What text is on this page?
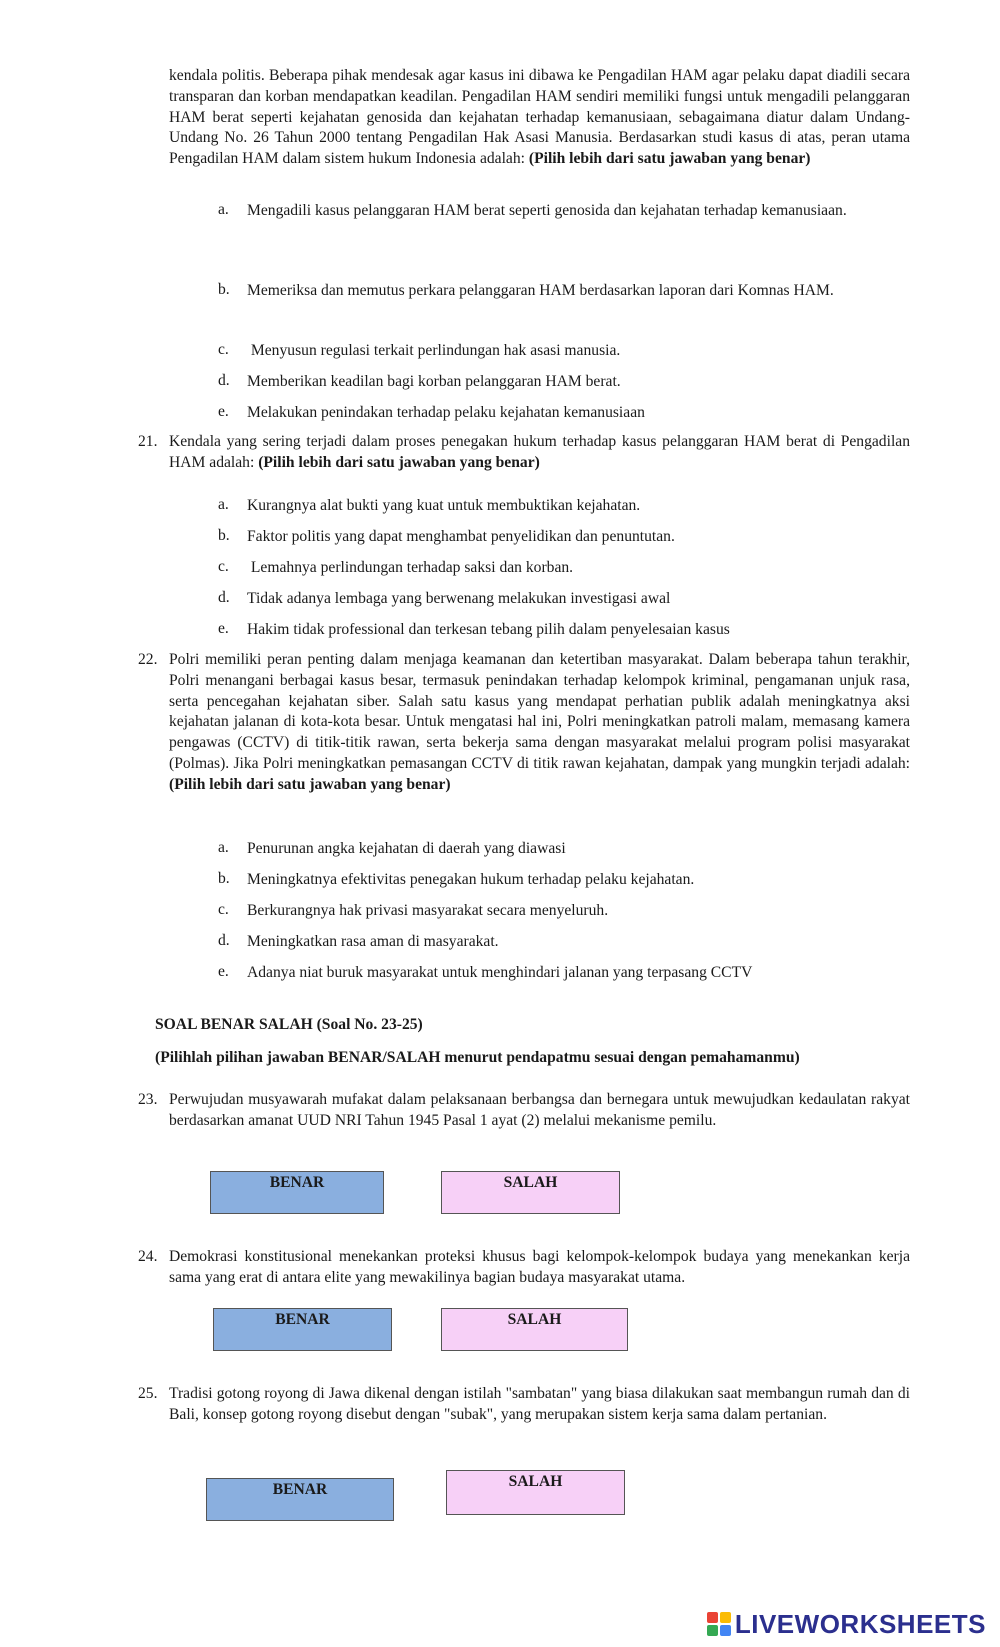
kendala politis. Beberapa pihak mendesak agar kasus ini dibawa ke Pengadilan HAM agar pelaku dapat diadili secara transparan dan korban mendapatkan keadilan. Pengadilan HAM sendiri memiliki fungsi untuk mengadili pelanggaran HAM berat seperti kejahatan genosida dan kejahatan terhadap kemanusiaan, sebagaimana diatur dalam Undang-Undang No. 26 Tahun 2000 tentang Pengadilan Hak Asasi Manusia. Berdasarkan studi kasus di atas, peran utama Pengadilan HAM dalam sistem hukum Indonesia adalah: (Pilih lebih dari satu jawaban yang benar)
a. Mengadili kasus pelanggaran HAM berat seperti genosida dan kejahatan terhadap kemanusiaan.
b. Memeriksa dan memutus perkara pelanggaran HAM berdasarkan laporan dari Komnas HAM.
c. Menyusun regulasi terkait perlindungan hak asasi manusia.
d. Memberikan keadilan bagi korban pelanggaran HAM berat.
e. Melakukan penindakan terhadap pelaku kejahatan kemanusiaan
21. Kendala yang sering terjadi dalam proses penegakan hukum terhadap kasus pelanggaran HAM berat di Pengadilan HAM adalah: (Pilih lebih dari satu jawaban yang benar)
a. Kurangnya alat bukti yang kuat untuk membuktikan kejahatan.
b. Faktor politis yang dapat menghambat penyelidikan dan penuntutan.
c. Lemahnya perlindungan terhadap saksi dan korban.
d. Tidak adanya lembaga yang berwenang melakukan investigasi awal
e. Hakim tidak professional dan terkesan tebang pilih dalam penyelesaian kasus
22. Polri memiliki peran penting dalam menjaga keamanan dan ketertiban masyarakat. Dalam beberapa tahun terakhir, Polri menangani berbagai kasus besar, termasuk penindakan terhadap kelompok kriminal, pengamanan unjuk rasa, serta pencegahan kejahatan siber. Salah satu kasus yang mendapat perhatian publik adalah meningkatnya aksi kejahatan jalanan di kota-kota besar. Untuk mengatasi hal ini, Polri meningkatkan patroli malam, memasang kamera pengawas (CCTV) di titik-titik rawan, serta bekerja sama dengan masyarakat melalui program polisi masyarakat (Polmas). Jika Polri meningkatkan pemasangan CCTV di titik rawan kejahatan, dampak yang mungkin terjadi adalah: (Pilih lebih dari satu jawaban yang benar)
a. Penurunan angka kejahatan di daerah yang diawasi
b. Meningkatnya efektivitas penegakan hukum terhadap pelaku kejahatan.
c. Berkurangnya hak privasi masyarakat secara menyeluruh.
d. Meningkatkan rasa aman di masyarakat.
e. Adanya niat buruk masyarakat untuk menghindari jalanan yang terpasang CCTV
SOAL BENAR SALAH (Soal No. 23-25)
(Pilihlah pilihan jawaban BENAR/SALAH menurut pendapatmu sesuai dengan pemahamanmu)
23. Perwujudan musyawarah mufakat dalam pelaksanaan berbangsa dan bernegara untuk mewujudkan kedaulatan rakyat berdasarkan amanat UUD NRI Tahun 1945 Pasal 1 ayat (2) melalui mekanisme pemilu.
BENAR	SALAH
24. Demokrasi konstitusional menekankan proteksi khusus bagi kelompok-kelompok budaya yang menekankan kerja sama yang erat di antara elite yang mewakilinya bagian budaya masyarakat utama.
BENAR	SALAH
25. Tradisi gotong royong di Jawa dikenal dengan istilah "sambatan" yang biasa dilakukan saat membangun rumah dan di Bali, konsep gotong royong disebut dengan "subak", yang merupakan sistem kerja sama dalam pertanian.
BENAR	SALAH
LIVEWORKSHEETS
